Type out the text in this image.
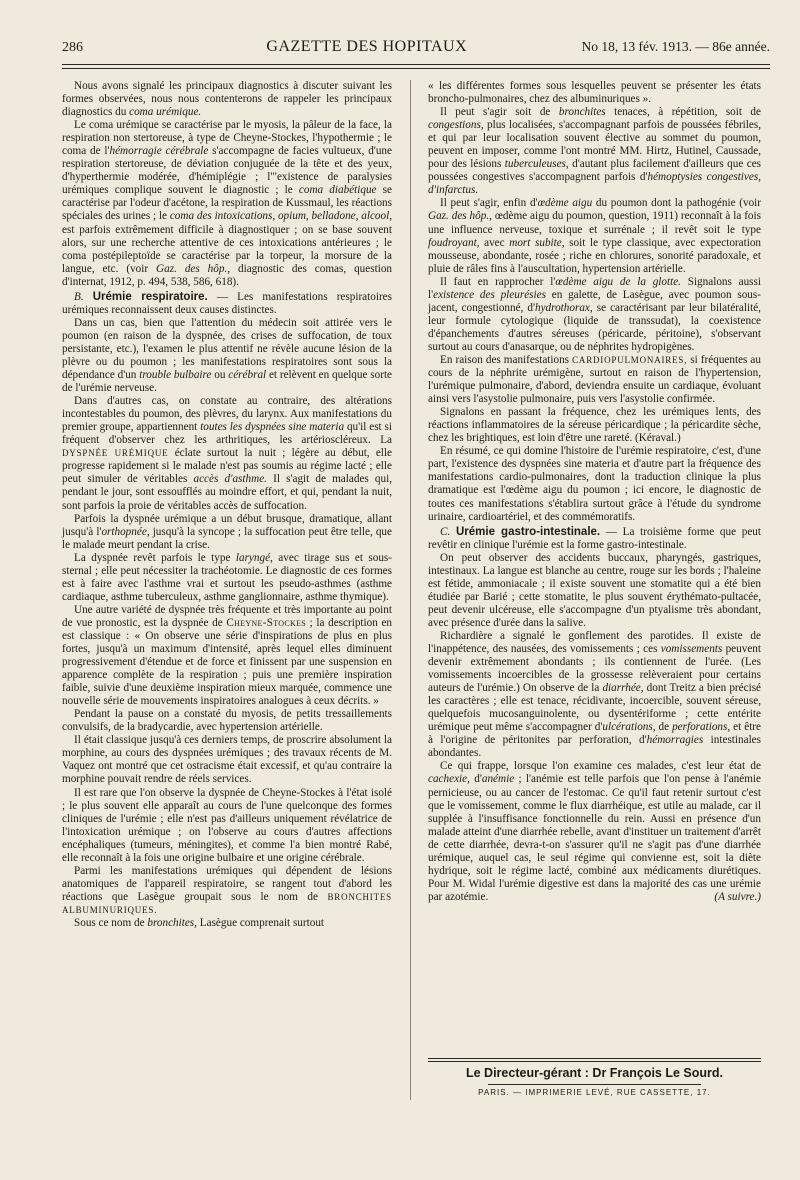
286	GAZETTE DES HOPITAUX	No 18, 13 fév. 1913. — 86e année.

Nous avons signalé les principaux diagnostics à discuter suivant les formes observées, nous nous contenterons de rappeler les principaux diagnostics du coma urémique.

Le coma urémique se caractérise par le myosis, la pâleur de la face, la respiration non stertoreuse, à type de Cheyne-Stockes, l'hypothermie ; le coma de l'hémorragie cérébrale s'accompagne de facies vultueux, d'une respiration stertoreuse, de déviation conjuguée de la tête et des yeux, d'hyperthermie modérée, d'hémiplégie ; l'"existence de paralysies urémiques complique souvent le diagnostic ; le coma diabétique se caractérise par l'odeur d'acétone, la respiration de Kussmaul, les réactions spéciales des urines ; le coma des intoxications, opium, belladone, alcool, est parfois extrêmement difficile à diagnostiquer ; on se base souvent alors, sur une recherche attentive de ces intoxications antérieures ; le coma postépileptoïde se caractérise par la torpeur, la morsure de la langue, etc. (voir Gaz. des hôp., diagnostic des comas, question d'internat, 1912, p. 494, 538, 586, 618).

B. Urémie respiratoire. — Les manifestations respiratoires urémiques reconnaissent deux causes distinctes.

Dans un cas, bien que l'attention du médecin soit attirée vers le poumon (en raison de la dyspnée, des crises de suffocation, de toux persistante, etc.), l'examen le plus attentif ne révèle aucune lésion de la plèvre ou du poumon ; les manifestations respiratoires sont sous la dépendance d'un trouble bulbaire ou cérébral et relèvent en quelque sorte de l'urémie nerveuse.

Dans d'autres cas, on constate au contraire, des altérations incontestables du poumon, des plèvres, du larynx. Aux manifestations du premier groupe, appartiennent toutes les dyspnées sine materia qu'il est si fréquent d'observer chez les arthritiques, les artérioscléreux. La DYSPNÉE URÉMIQUE éclate surtout la nuit ; légère au début, elle progresse rapidement si le malade n'est pas soumis au régime lacté ; elle peut simuler de véritables accès d'asthme. Il s'agit de malades qui, pendant le jour, sont essoufflés au moindre effort, et qui, pendant la nuit, sont parfois la proie de véritables accès de suffocation.

Parfois la dyspnée urémique a un début brusque, dramatique, allant jusqu'à l'orthopnée, jusqu'à la syncope ; la suffocation peut être telle, que le malade meurt pendant la crise.

La dyspnée revêt parfois le type laryngé, avec tirage sus et sous-sternal ; elle peut nécessiter la trachéotomie. Le diagnostic de ces formes est à faire avec l'asthme vrai et surtout les pseudo-asthmes (asthme cardiaque, asthme tuberculeux, asthme ganglionnaire, asthme thymique).

Une autre variété de dyspnée très fréquente et très importante au point de vue pronostic, est la dyspnée de Cheyne-Stockes ; la description en est classique : « On observe une série d'inspirations de plus en plus fortes, jusqu'à un maximum d'intensité, après lequel elles diminuent progressivement d'étendue et de force et finissent par une suspension en apparence complète de la respiration ; puis une première inspiration faible, suivie d'une deuxième inspiration mieux marquée, commence une nouvelle série de mouvements inspiratoires analogues à ceux décrits. »

Pendant la pause on a constaté du myosis, de petits tressaillements convulsifs, de la bradycardie, avec hypertension artérielle.

Il était classique jusqu'à ces derniers temps, de proscrire absolument la morphine, au cours des dyspnées urémiques ; des travaux récents de M. Vaquez ont montré que cet ostracisme était excessif, et qu'au contraire la morphine pouvait rendre de réels services.

Il est rare que l'on observe la dyspnée de Cheyne-Stockes à l'état isolé ; le plus souvent elle apparaît au cours de l'une quelconque des formes cliniques de l'urémie ; elle n'est pas d'ailleurs uniquement révélatrice de l'intoxication urémique ; on l'observe au cours d'autres affections encéphaliques (tumeurs, méningites), et comme l'a bien montré Rabé, elle reconnaît à la fois une origine bulbaire et une origine cérébrale.

Parmi les manifestations urémiques qui dépendent de lésions anatomiques de l'appareil respiratoire, se rangent tout d'abord les réactions que Lasègue groupait sous le nom de BRONCHITES ALBUMINURIQUES.

Sous ce nom de bronchites, Lasègue comprenait surtout

« les différentes formes sous lesquelles peuvent se présenter les états broncho-pulmonaires, chez des albuminuriques ».

Il peut s'agir soit de bronchites tenaces, à répétition, soit de congestions, plus localisées, s'accompagnant parfois de poussées fébriles, et qui par leur localisation souvent élective au sommet du poumon, peuvent en imposer, comme l'ont montré MM. Hirtz, Hutinel, Caussade, pour des lésions tuberculeuses, d'autant plus facilement d'ailleurs que ces poussées congestives s'accompagnent parfois d'hémoptysies congestives, d'infarctus.

Il peut s'agir, enfin d'œdème aigu du poumon dont la pathogénie (voir Gaz. des hôp., œdème aigu du poumon, question, 1911) reconnaît à la fois une influence nerveuse, toxique et surrénale ; il revêt soit le type foudroyant, avec mort subite, soit le type classique, avec expectoration mousseuse, abondante, rosée ; riche en chlorures, sonorité paradoxale, et pluie de râles fins à l'auscultation, hypertension artérielle.

Il faut en rapprocher l'œdème aigu de la glotte. Signalons aussi l'existence des pleurésies en galette, de Lasègue, avec poumon sous-jacent, congestionné, d'hydrothorax, se caractérisant par leur bilatéralité, leur formule cytologique (liquide de transsudat), la coexistence d'épanchements d'autres séreuses (péricarde, péritoine), s'observant surtout au cours d'anasarque, ou de néphrites hydropigènes.

En raison des manifestations CARDIOPULMONAIRES, si fréquentes au cours de la néphrite urémigène, surtout en raison de l'hypertension, l'urémique pulmonaire, d'abord, deviendra ensuite un cardiaque, évoluant ainsi vers l'asystolie pulmonaire, puis vers l'asystolie confirmée.

Signalons en passant la fréquence, chez les urémiques lents, des réactions inflammatoires de la séreuse péricardique ; la péricardite sèche, chez les brightiques, est loin d'être une rareté. (Kéraval.)

En résumé, ce qui domine l'histoire de l'urémie respiratoire, c'est, d'une part, l'existence des dyspnées sine materia et d'autre part la fréquence des manifestations cardio-pulmonaires, dont la traduction clinique la plus dramatique est l'œdème aigu du poumon ; ici encore, le diagnostic de toutes ces manifestations s'établira surtout grâce à l'étude du syndrome urinaire, cardioartériel, et des commémoratifs.

C. Urémie gastro-intestinale. — La troisième forme que peut revêtir en clinique l'urémie est la forme gastro-intestinale.

On peut observer des accidents buccaux, pharyngés, gastriques, intestinaux. La langue est blanche au centre, rouge sur les bords ; l'haleine est fétide, ammoniacale ; il existe souvent une stomatite qui a été bien étudiée par Barié ; cette stomatite, le plus souvent érythémato-pultacée, peut devenir ulcéreuse, elle s'accompagne d'un ptyalisme très abondant, avec présence d'urée dans la salive.

Richardière a signalé le gonflement des parotides. Il existe de l'inappétence, des nausées, des vomissements ; ces vomissements peuvent devenir extrêmement abondants ; ils contiennent de l'urée. (Les vomissements incoercibles de la grossesse relèveraient pour certains auteurs de l'urémie.) On observe de la diarrhée, dont Treitz a bien précisé les caractères ; elle est tenace, récidivante, incoercible, souvent séreuse, quelquefois mucosanguinolente, ou dysentériforme ; cette entérite urémique peut même s'accompagner d'ulcérations, de perforations, et être à l'origine de péritonites par perforation, d'hémorragies intestinales abondantes.

Ce qui frappe, lorsque l'on examine ces malades, c'est leur état de cachexie, d'anémie ; l'anémie est telle parfois que l'on pense à l'anémie pernicieuse, ou au cancer de l'estomac. Ce qu'il faut retenir surtout c'est que le vomissement, comme le flux diarrhéique, est utile au malade, car il supplée à l'insuffisance fonctionnelle du rein. Aussi en présence d'un malade atteint d'une diarrhée rebelle, avant d'instituer un traitement d'arrêt de cette diarrhée, devra-t-on s'assurer qu'il ne s'agit pas d'une diarrhée urémique, auquel cas, le seul régime qui convienne est, soit la diète hydrique, soit le régime lacté, combiné aux médicaments diurétiques. Pour M. Widal l'urémie digestive est dans la majorité des cas une urémie par azotémie.	(A suivre.)

Le Directeur-gérant : Dr François Le Sourd.
PARIS. — IMPRIMERIE LEVÉ, RUE CASSETTE, 17.
